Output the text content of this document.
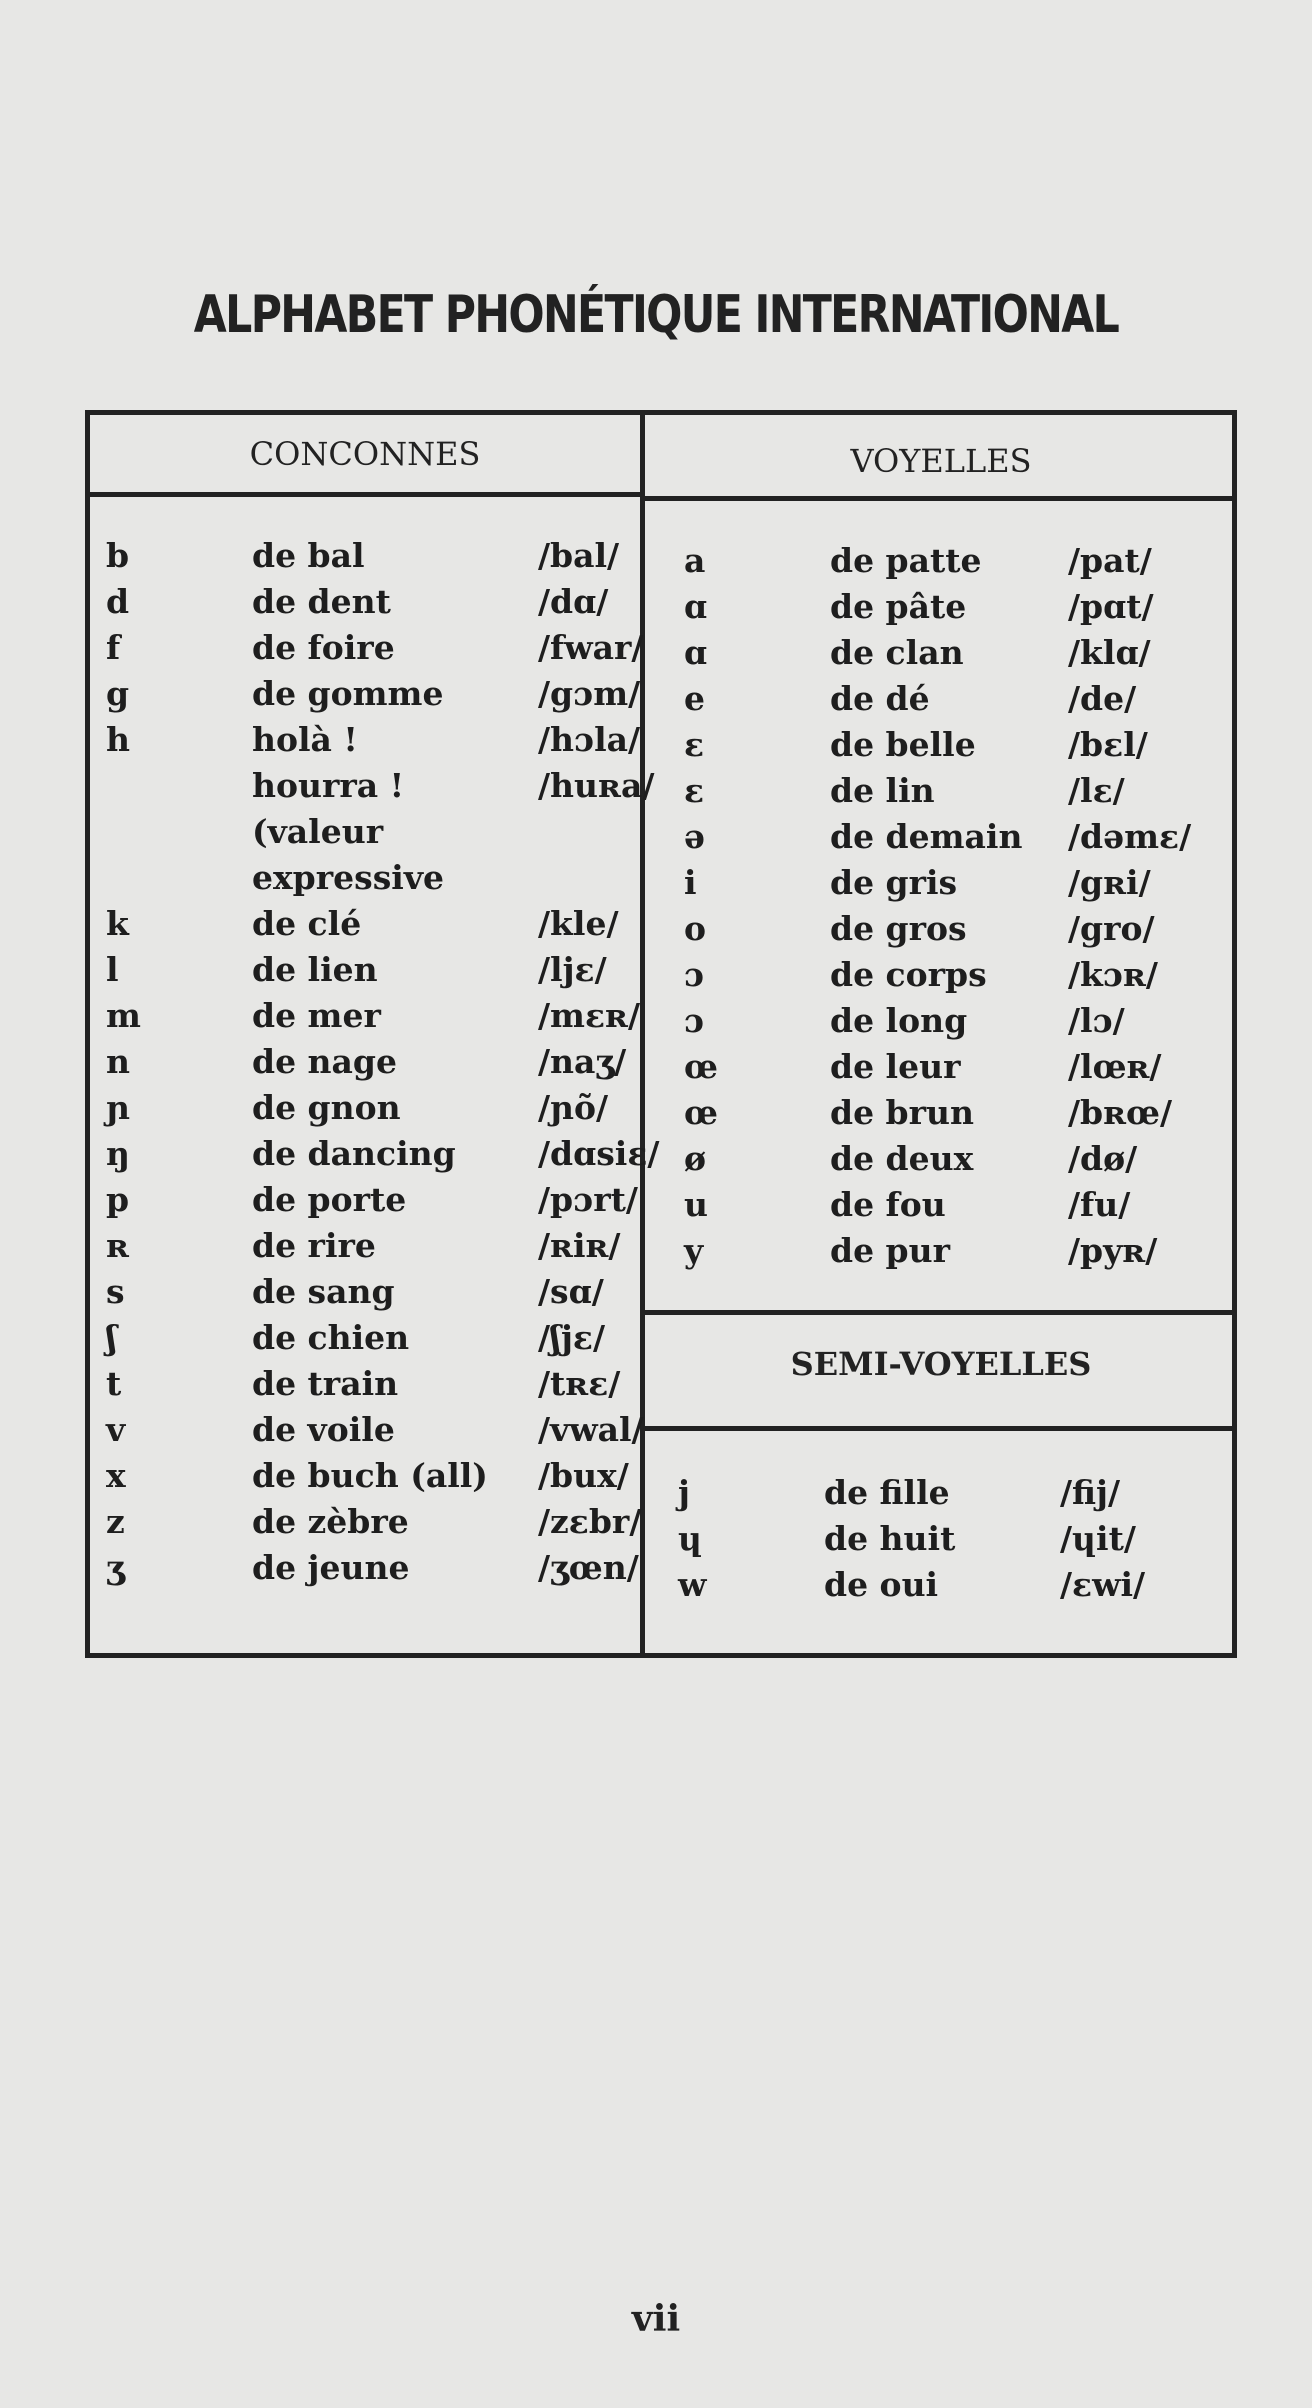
ALPHABET PHONÉTIQUE INTERNATIONAL
CONCONNES	VOYELLES
SEMI-VOYELLES
b	de bal	/bal/
d	de dent	/dɑ/
f	de foire	/fwar/
g	de gomme	/gɔm/
h	holà !	/hɔla/
hourra !	/huʀa/
(valeur
expressive
k	de clé	/kle/
l	de lien	/ljɛ/
m	de mer	/mɛʀ/
n	de nage	/naʒ/
ɲ	de gnon	/ɲõ/
ŋ	de dancing /dɑsiɛ/
p	de porte	/pɔrt/
ʀ	de rire	/ʀiʀ/
s	de sang	/sɑ/
ʃ	de chien	/ʃjɛ/
t	de train	/tʀɛ/
v	de voile	/vwal/
x	de buch (all) /bux/
z	de zèbre	/zɛbr/
ʒ	de jeune	/ʒœn/
a	de patte	/pat/
ɑ	de pâte	/pɑt/
ɑ	de clan	/klɑ/
e	de dé	/de/
ɛ	de belle	/bɛl/
ɛ	de lin	/lɛ/
ə	de demain /dəmɛ/
i	de gris	/gʀi/
o	de gros	/gro/
ɔ	de corps /kɔʀ/
ɔ	de long	/lɔ/
œ	de leur	/lœʀ/
œ	de brun	/bʀœ/
ø	de deux	/dø/
u	de fou	/fu/
y	de pur	/pyʀ/
j	de fille	/fij/
ɥ	de huit	/ɥit/
w	de oui	/ɛwi/
vii
